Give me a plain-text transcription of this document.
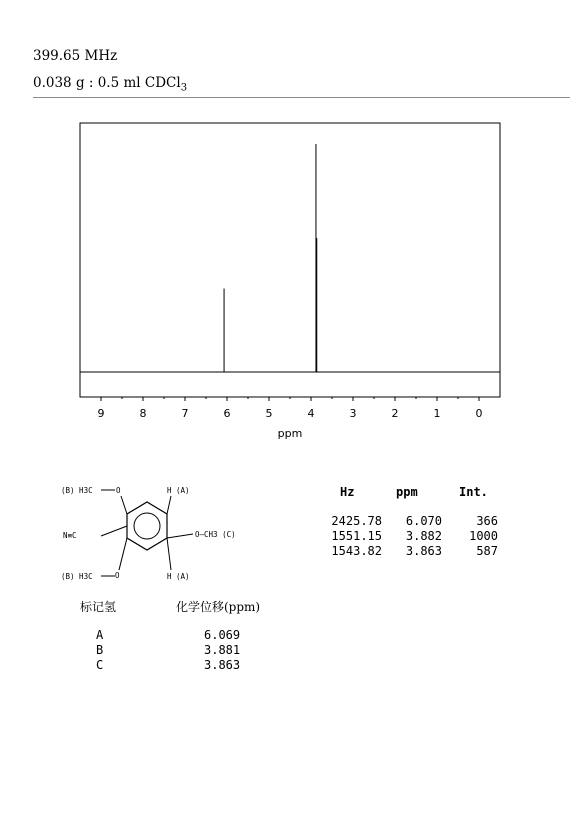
399.65 MHz
0.038 g : 0.5 ml CDCl$_3$
9	8	7	6	5	4	3	2	1	0
ppm
O
(B) H3C	H (A)
N≡C	O—CH3 (C)
O
(B) H3C	H (A)
Hz	ppm	Int.
2425.78	6.070	366
1551.15	3.882	1000
1543.82	3.863	587
标记氢	化学位移(ppm)
A	6.069
B	3.881
C	3.863
